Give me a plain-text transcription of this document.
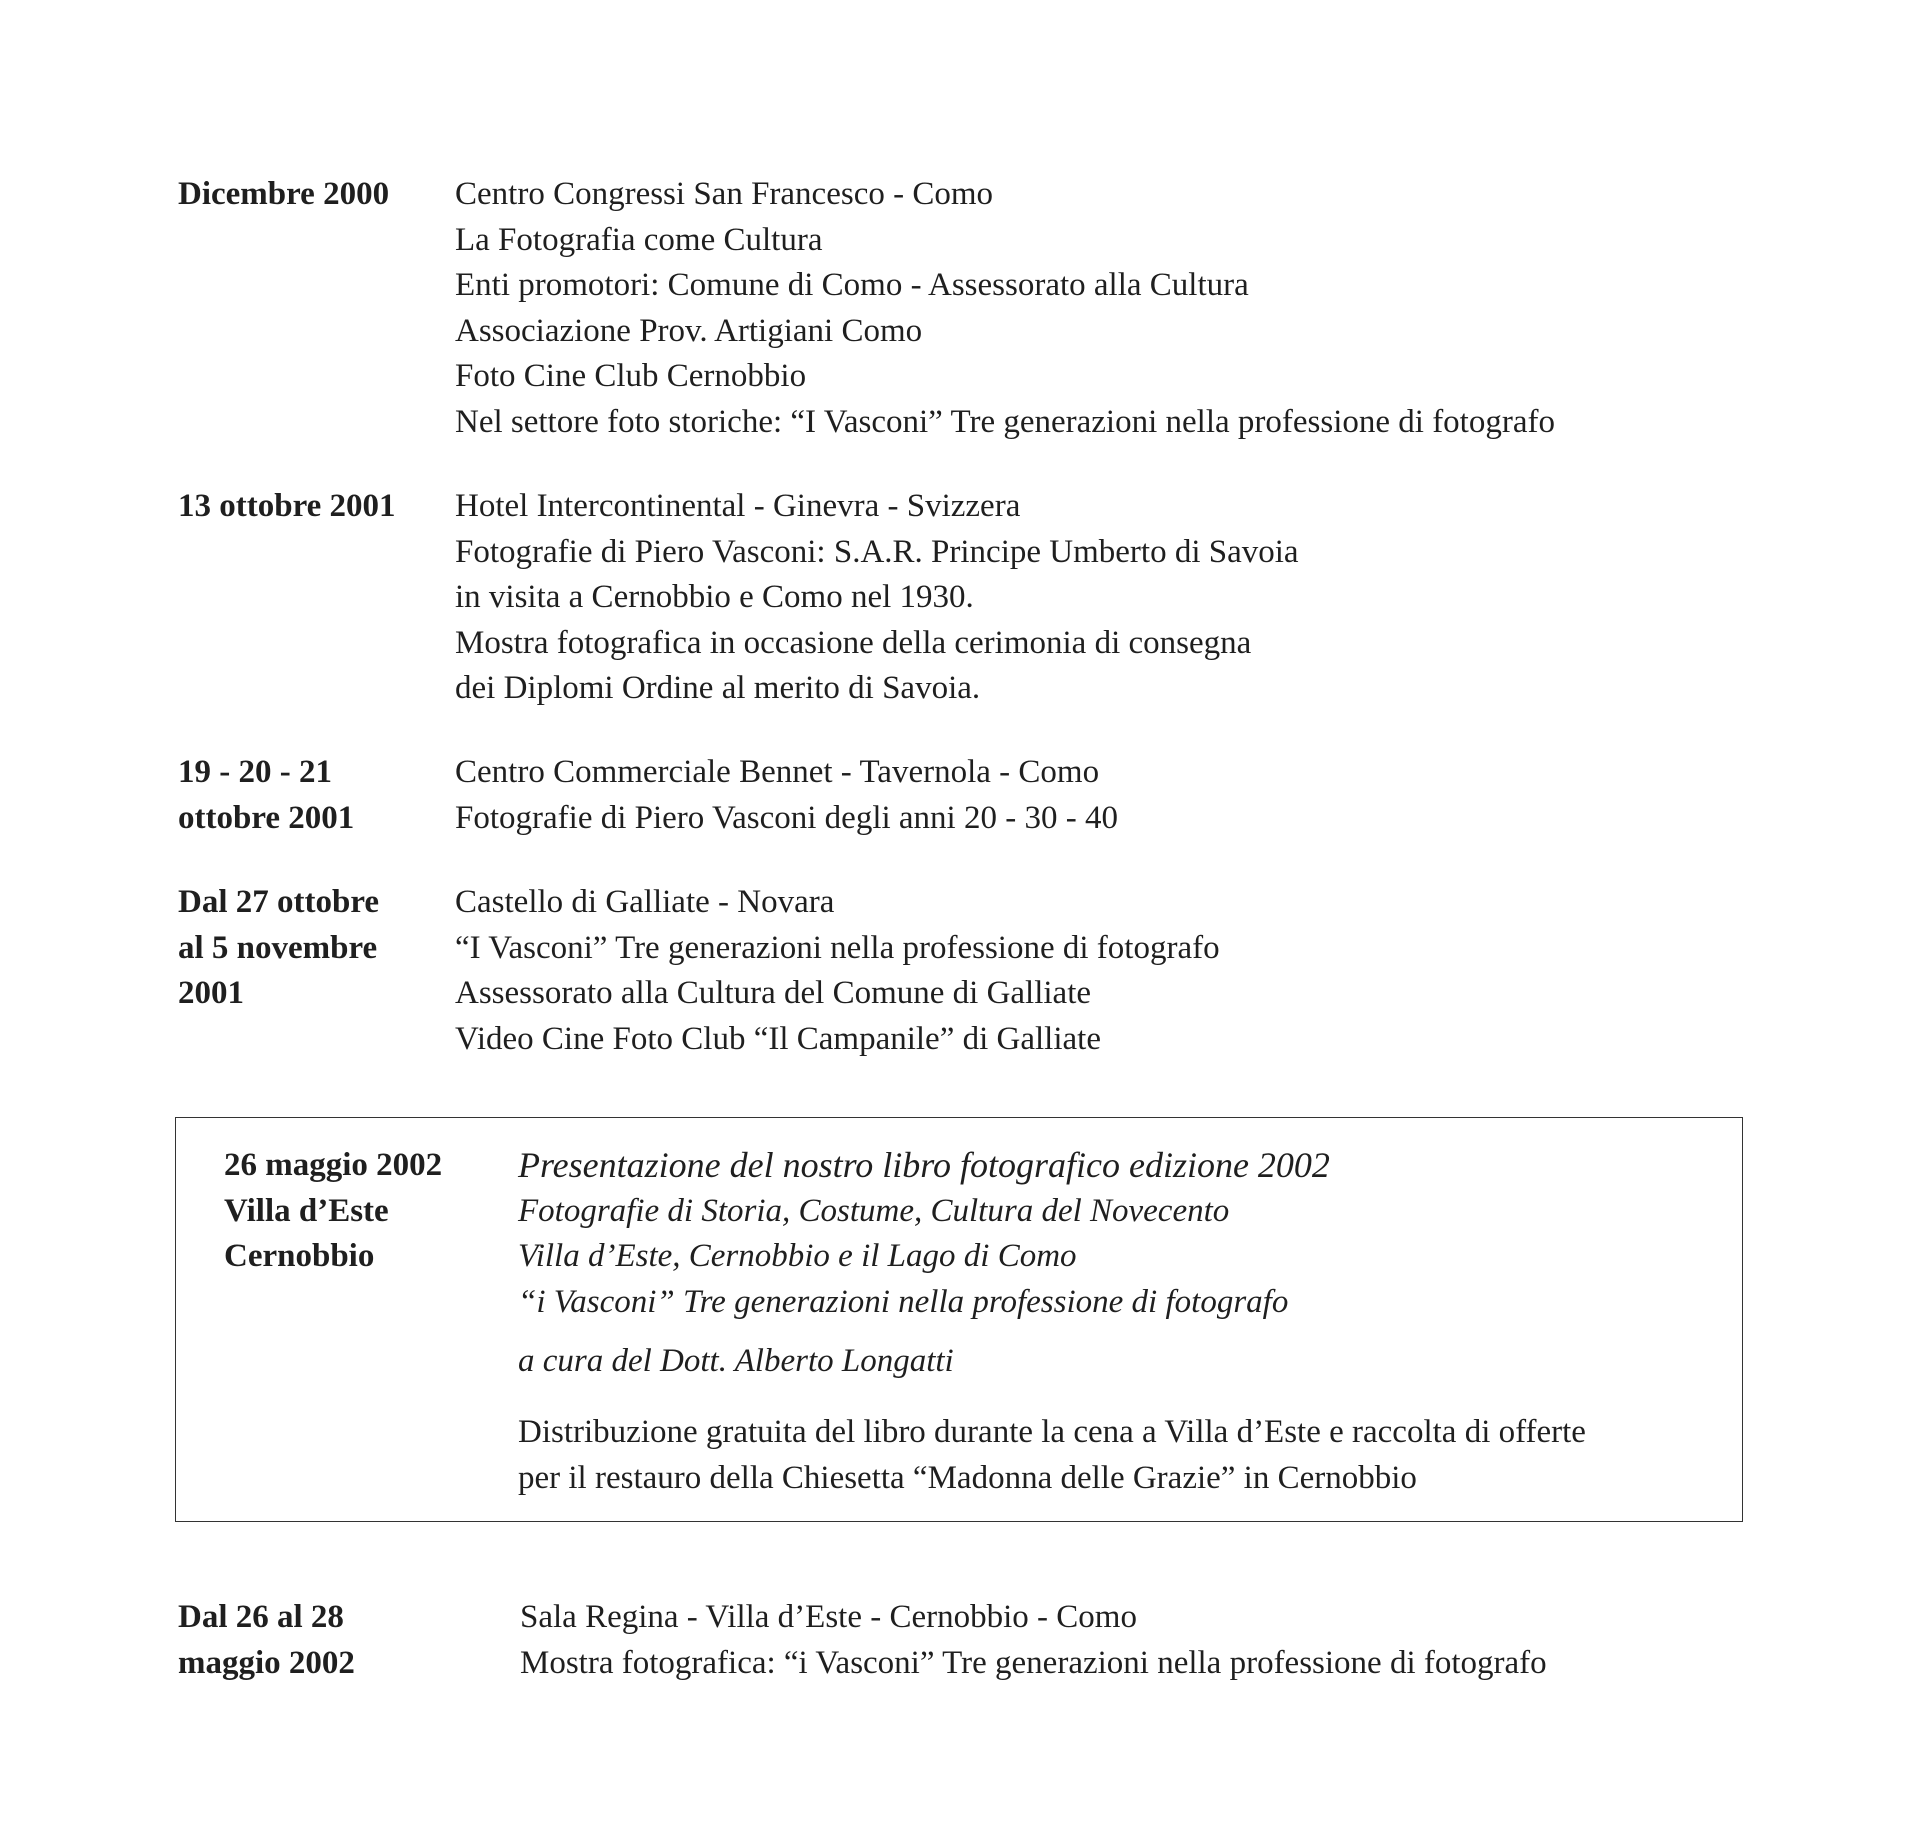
Dicembre 2000 Centro Congressi San Francesco - Como
La Fotografia come Cultura
Enti promotori: Comune di Como - Assessorato alla Cultura
Associazione Prov. Artigiani Como
Foto Cine Club Cernobbio
Nel settore foto storiche: “I Vasconi” Tre generazioni nella professione di fotografo
13 ottobre 2001 Hotel Intercontinental - Ginevra - Svizzera
Fotografie di Piero Vasconi: S.A.R. Principe Umberto di Savoia
in visita a Cernobbio e Como nel 1930.
Mostra fotografica in occasione della cerimonia di consegna
dei Diplomi Ordine al merito di Savoia.
19 - 20 - 21
ottobre 2001
Centro Commerciale Bennet - Tavernola - Como
Fotografie di Piero Vasconi degli anni 20 - 30 - 40
Dal 27 ottobre
al 5 novembre
2001
Castello di Galliate - Novara
“I Vasconi” Tre generazioni nella professione di fotografo
Assessorato alla Cultura del Comune di Galliate
Video Cine Foto Club “Il Campanile” di Galliate
26 maggio 2002
Villa d’Este
Cernobbio
Presentazione del nostro libro fotografico edizione 2002
Fotografie di Storia, Costume, Cultura del Novecento
Villa d’Este, Cernobbio e il Lago di Como
“i Vasconi” Tre generazioni nella professione di fotografo
a cura del Dott. Alberto Longatti
Distribuzione gratuita del libro durante la cena a Villa d’Este e raccolta di offerte
per il restauro della Chiesetta “Madonna delle Grazie” in Cernobbio
Dal 26 al 28
maggio 2002
Sala Regina - Villa d’Este - Cernobbio - Como
Mostra fotografica: “i Vasconi” Tre generazioni nella professione di fotografo
